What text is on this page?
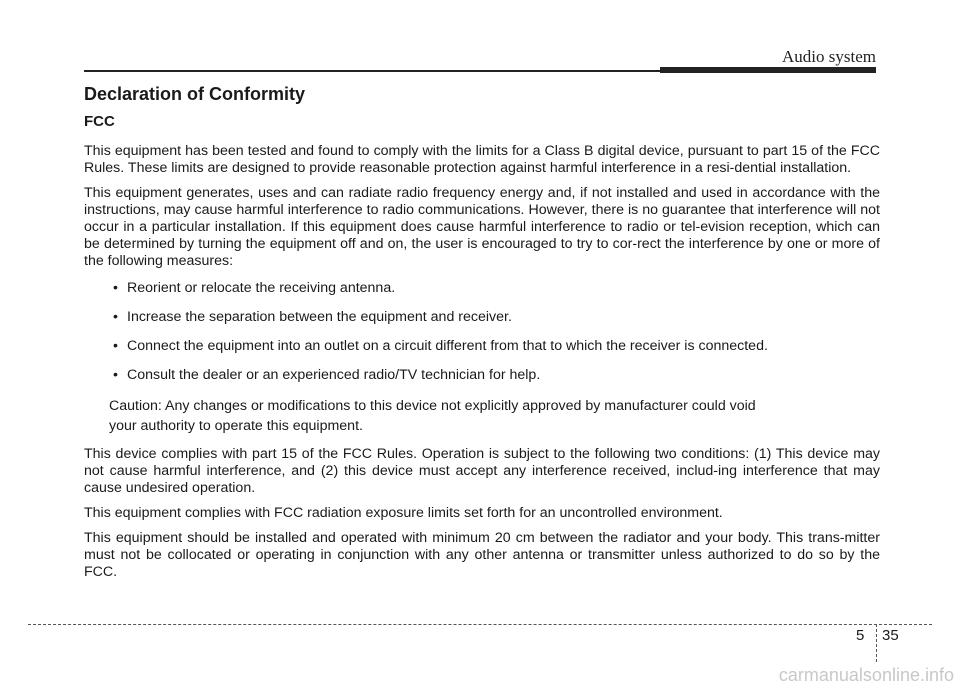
Audio system
Declaration of Conformity
FCC

This equipment has been tested and found to comply with the limits for a Class B digital device, pursuant to part 15 of the FCC Rules. These limits are designed to provide reasonable protection against harmful interference in a resi-dential installation.

This equipment generates, uses and can radiate radio frequency energy and, if not installed and used in accordance with the instructions, may cause harmful interference to radio communications. However, there is no guarantee that interference will not occur in a particular installation. If this equipment does cause harmful interference to radio or tel-evision reception, which can be determined by turning the equipment off and on, the user is encouraged to try to cor-rect the interference by one or more of the following measures:

• Reorient or relocate the receiving antenna.
• Increase the separation between the equipment and receiver.
• Connect the equipment into an outlet on a circuit different from that to which the receiver is connected.
• Consult the dealer or an experienced radio/TV technician for help.
Caution: Any changes or modifications to this device not explicitly approved by manufacturer could void
your authority to operate this equipment.

This device complies with part 15 of the FCC Rules. Operation is subject to the following two conditions: (1) This device may not cause harmful interference, and (2) this device must accept any interference received, includ-ing interference that may cause undesired operation.

This equipment complies with FCC radiation exposure limits set forth for an uncontrolled environment.

This equipment should be installed and operated with minimum 20 cm between the radiator and your body. This trans-mitter must not be collocated or operating in conjunction with any other antenna or transmitter unless authorized to do so by the FCC.

5 35
carmanualsonline.info
